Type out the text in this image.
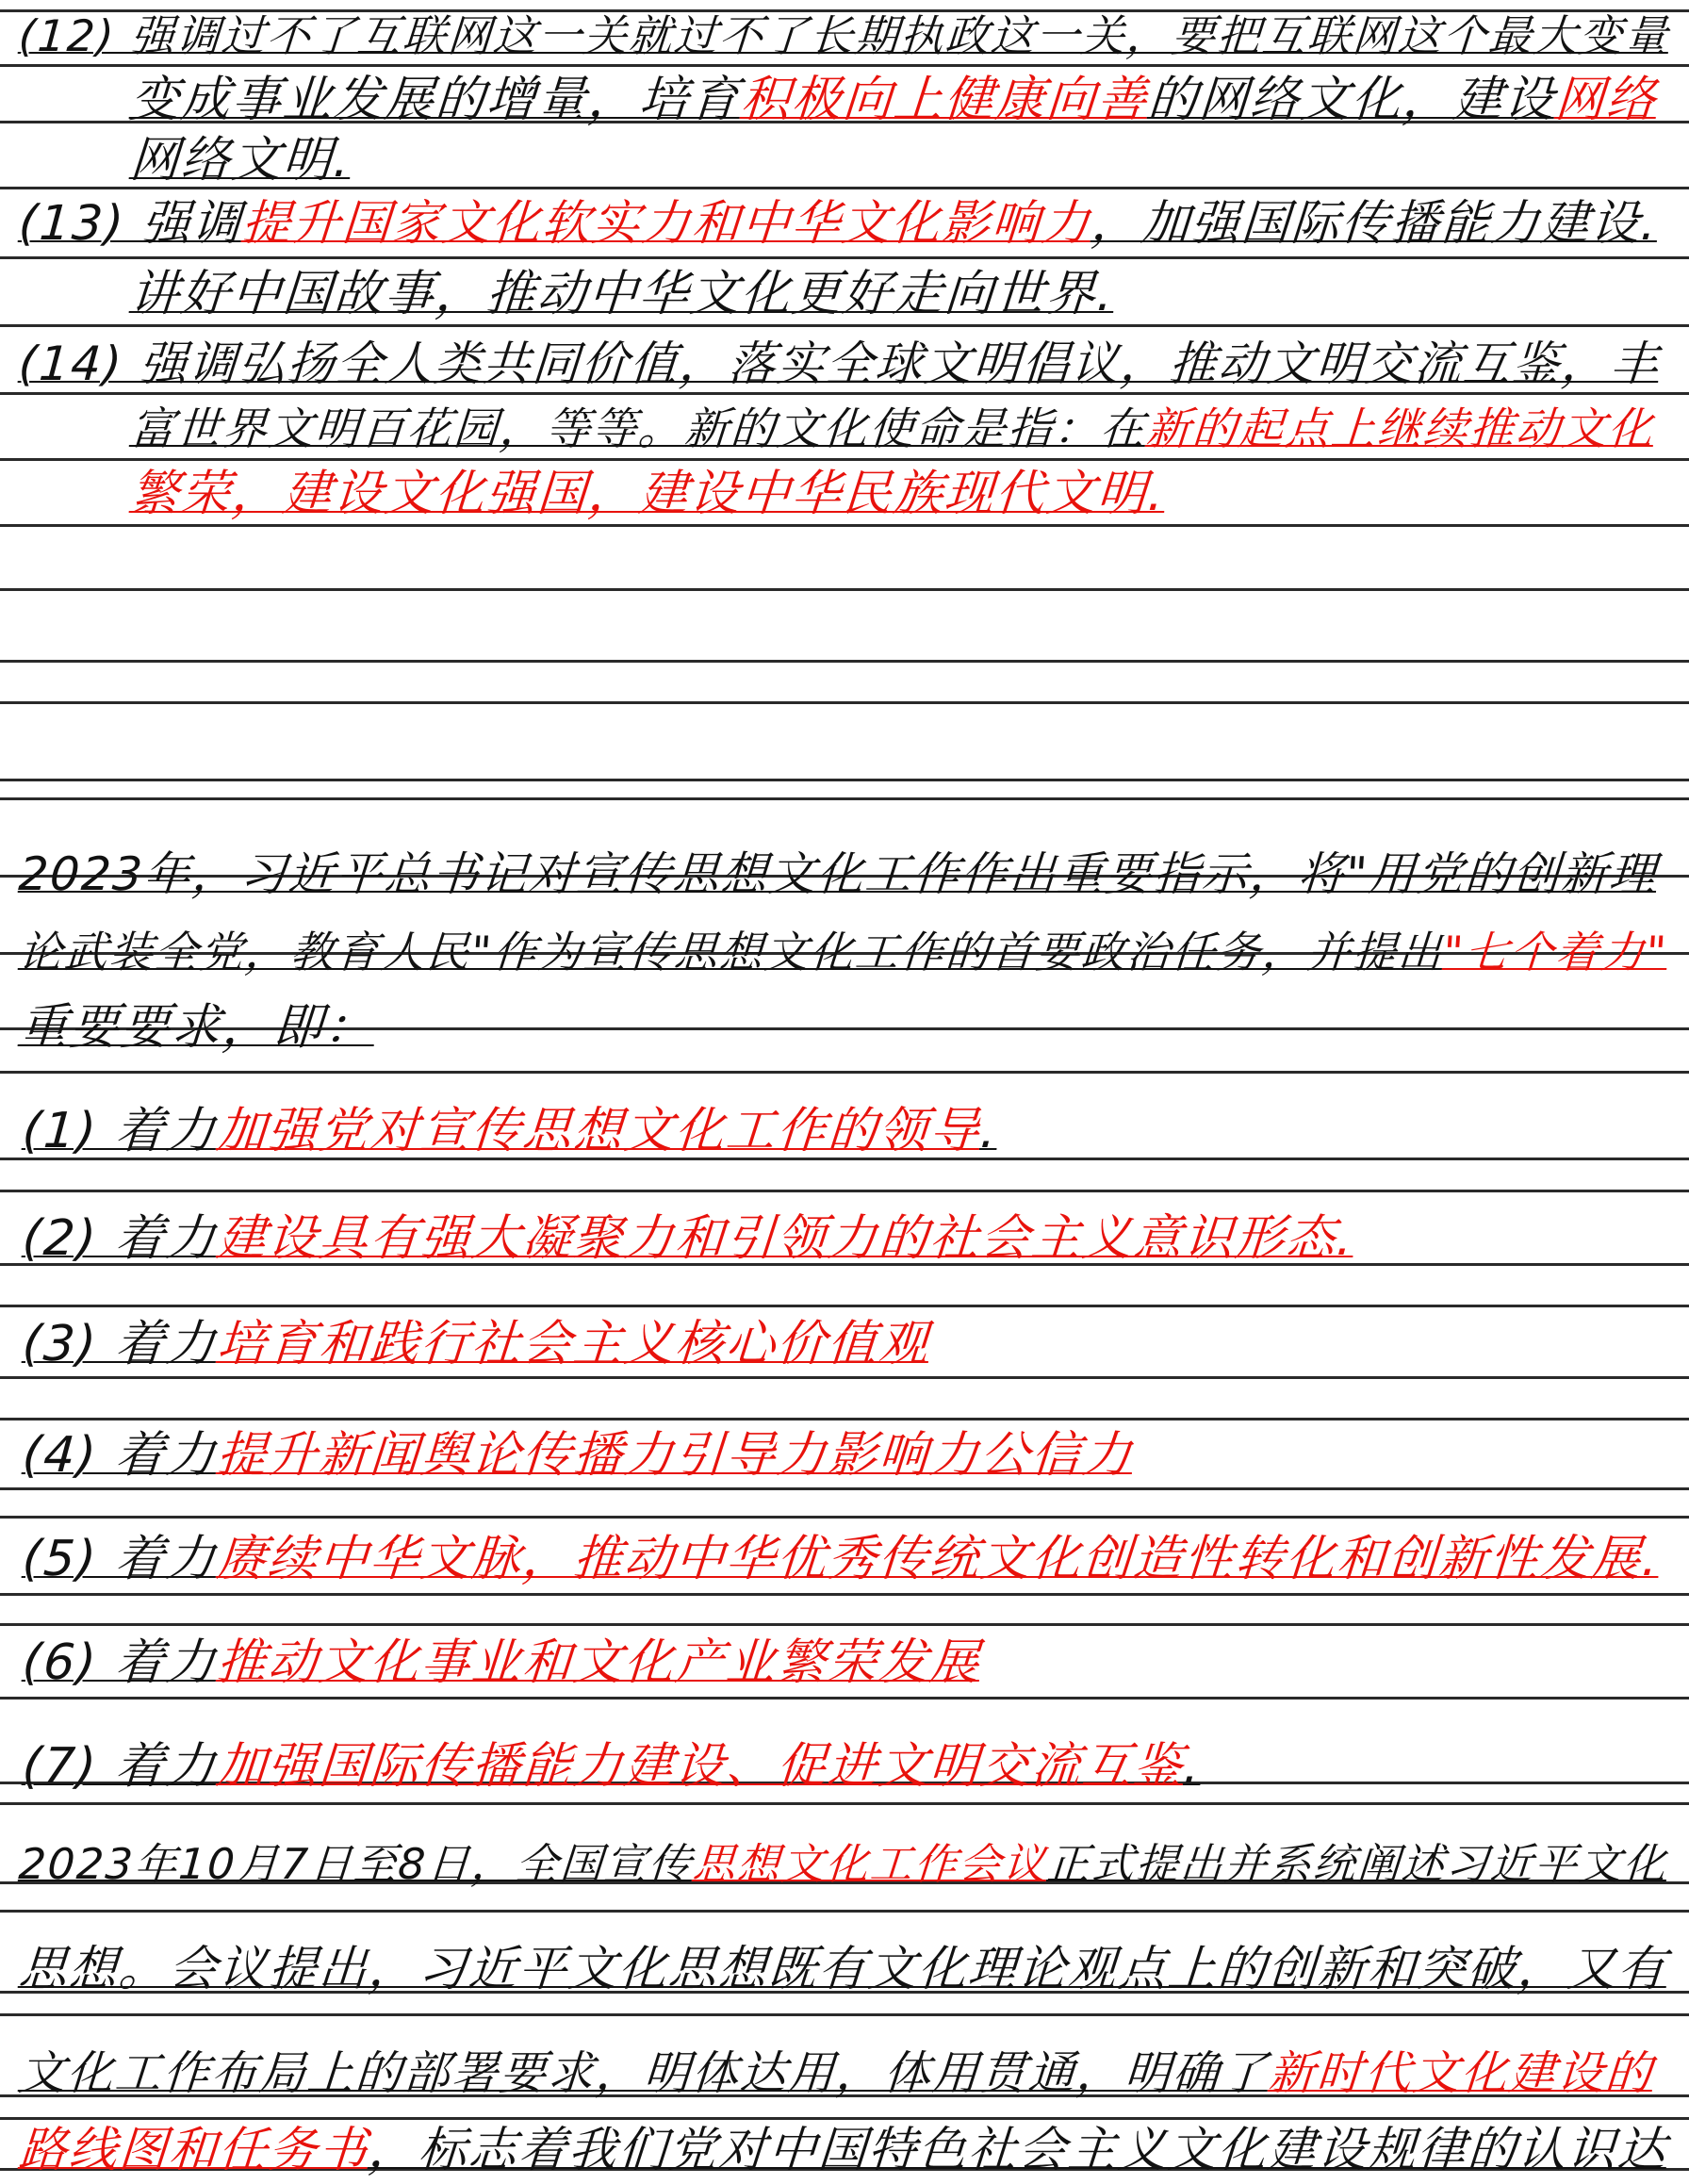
(12) 强调过不了互联网这一关就过不了长期执政这一关，要把互联网这个最大变量
变成事业发展的增量，培育积极向上健康向善的网络文化，建设网络
网络文明.
(13) 强调提升国家文化软实力和中华文化影响力，加强国际传播能力建设.
讲好中国故事，推动中华文化更好走向世界.
(14) 强调弘扬全人类共同价值，落实全球文明倡议，推动文明交流互鉴，丰
富世界文明百花园，等等。新的文化使命是指：在新的起点上继续推动文化
繁荣，建设文化强国，建设中华民族现代文明.
2023年，习近平总书记对宣传思想文化工作作出重要指示，将"用党的创新理
论武装全党，教育人民"作为宣传思想文化工作的首要政治任务，并提出"七个着力"
重要要求，即：
(1) 着力加强党对宣传思想文化工作的领导.
(2) 着力建设具有强大凝聚力和引领力的社会主义意识形态.
(3) 着力培育和践行社会主义核心价值观
(4) 着力提升新闻舆论传播力引导力影响力公信力
(5) 着力赓续中华文脉，推动中华优秀传统文化创造性转化和创新性发展.
(6) 着力推动文化事业和文化产业繁荣发展
(7) 着力加强国际传播能力建设、促进文明交流互鉴.
2023年10月7日至8日，全国宣传思想文化工作会议正式提出并系统阐述习近平文化
思想。会议提出，习近平文化思想既有文化理论观点上的创新和突破，又有
文化工作布局上的部署要求，明体达用，体用贯通，明确了新时代文化建设的
路线图和任务书，标志着我们党对中国特色社会主义文化建设规律的认识达
